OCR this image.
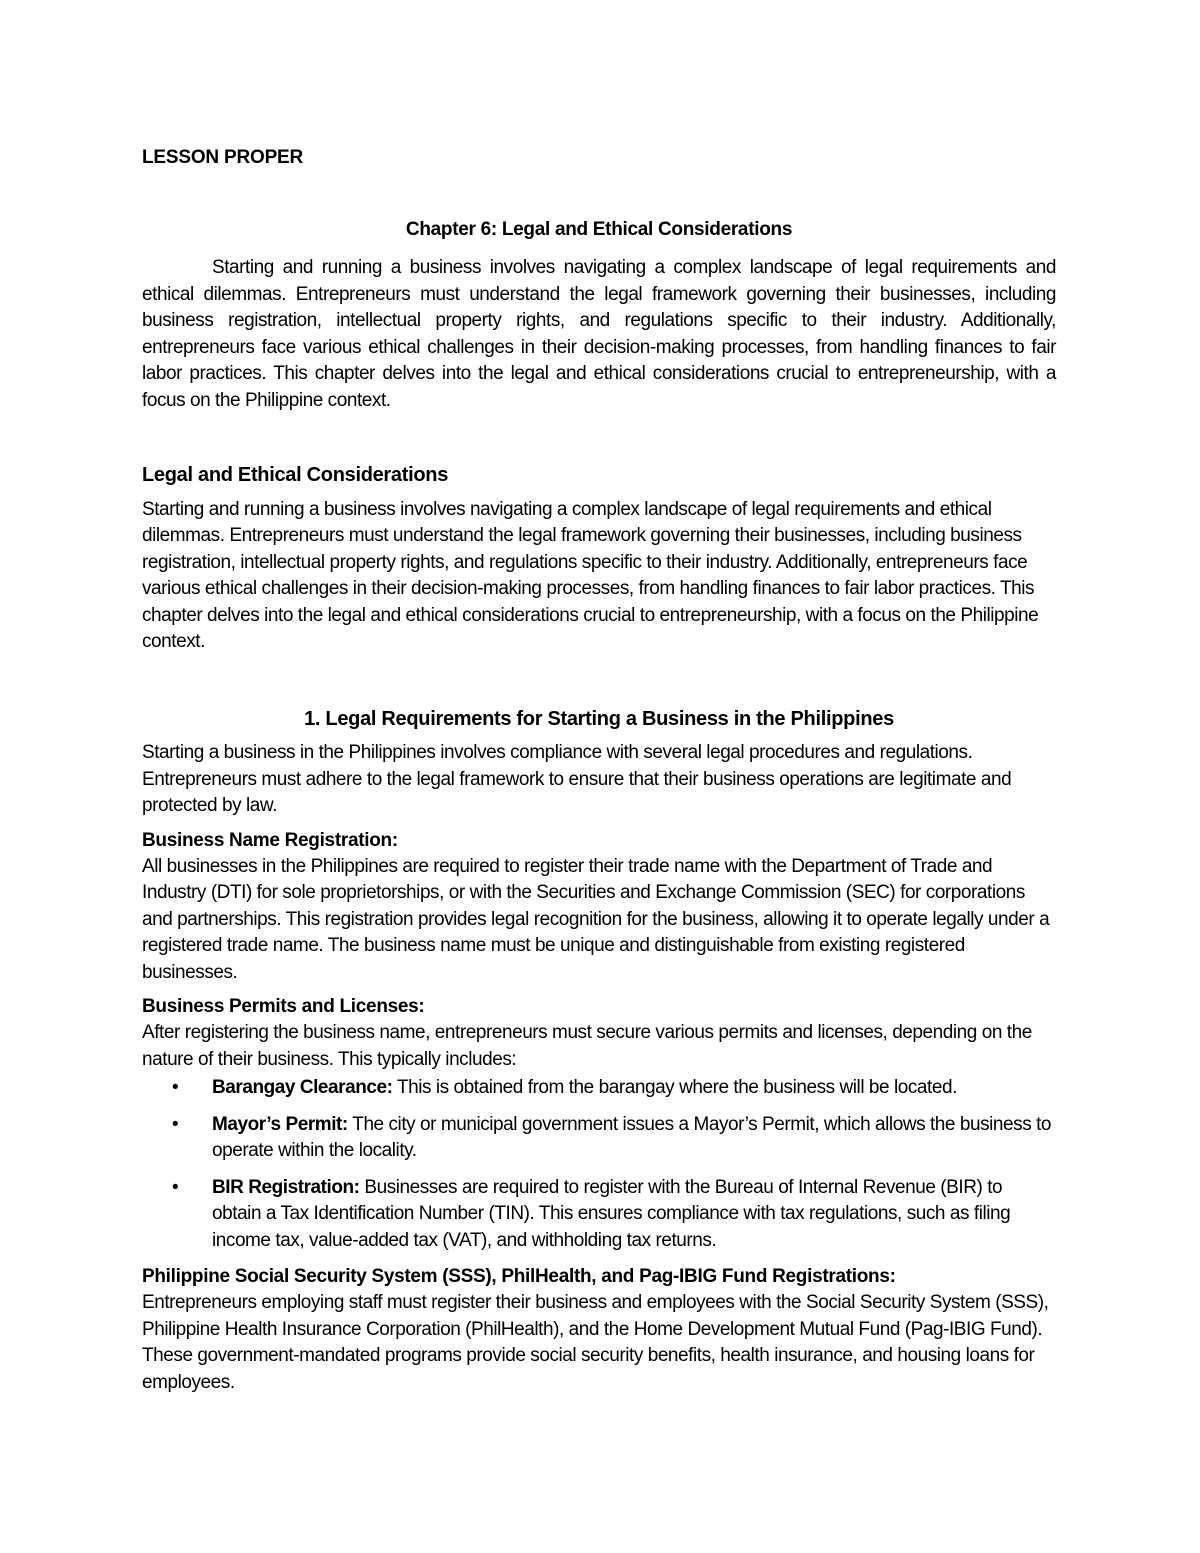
LESSON PROPER

Chapter 6: Legal and Ethical Considerations

Starting and running a business involves navigating a complex landscape of legal requirements and ethical dilemmas. Entrepreneurs must understand the legal framework governing their businesses, including business registration, intellectual property rights, and regulations specific to their industry. Additionally, entrepreneurs face various ethical challenges in their decision-making processes, from handling finances to fair labor practices. This chapter delves into the legal and ethical considerations crucial to entrepreneurship, with a focus on the Philippine context.

Legal and Ethical Considerations

Starting and running a business involves navigating a complex landscape of legal requirements and ethical dilemmas. Entrepreneurs must understand the legal framework governing their businesses, including business registration, intellectual property rights, and regulations specific to their industry. Additionally, entrepreneurs face various ethical challenges in their decision-making processes, from handling finances to fair labor practices. This chapter delves into the legal and ethical considerations crucial to entrepreneurship, with a focus on the Philippine context.

1. Legal Requirements for Starting a Business in the Philippines

Starting a business in the Philippines involves compliance with several legal procedures and regulations. Entrepreneurs must adhere to the legal framework to ensure that their business operations are legitimate and protected by law.

Business Name Registration:

All businesses in the Philippines are required to register their trade name with the Department of Trade and Industry (DTI) for sole proprietorships, or with the Securities and Exchange Commission (SEC) for corporations and partnerships. This registration provides legal recognition for the business, allowing it to operate legally under a registered trade name. The business name must be unique and distinguishable from existing registered businesses.

Business Permits and Licenses:

After registering the business name, entrepreneurs must secure various permits and licenses, depending on the nature of their business. This typically includes:

• Barangay Clearance: This is obtained from the barangay where the business will be located.
• Mayor’s Permit: The city or municipal government issues a Mayor’s Permit, which allows the business to operate within the locality.
• BIR Registration: Businesses are required to register with the Bureau of Internal Revenue (BIR) to obtain a Tax Identification Number (TIN). This ensures compliance with tax regulations, such as filing income tax, value-added tax (VAT), and withholding tax returns.

Philippine Social Security System (SSS), PhilHealth, and Pag-IBIG Fund Registrations:

Entrepreneurs employing staff must register their business and employees with the Social Security System (SSS), Philippine Health Insurance Corporation (PhilHealth), and the Home Development Mutual Fund (Pag-IBIG Fund). These government-mandated programs provide social security benefits, health insurance, and housing loans for employees.
